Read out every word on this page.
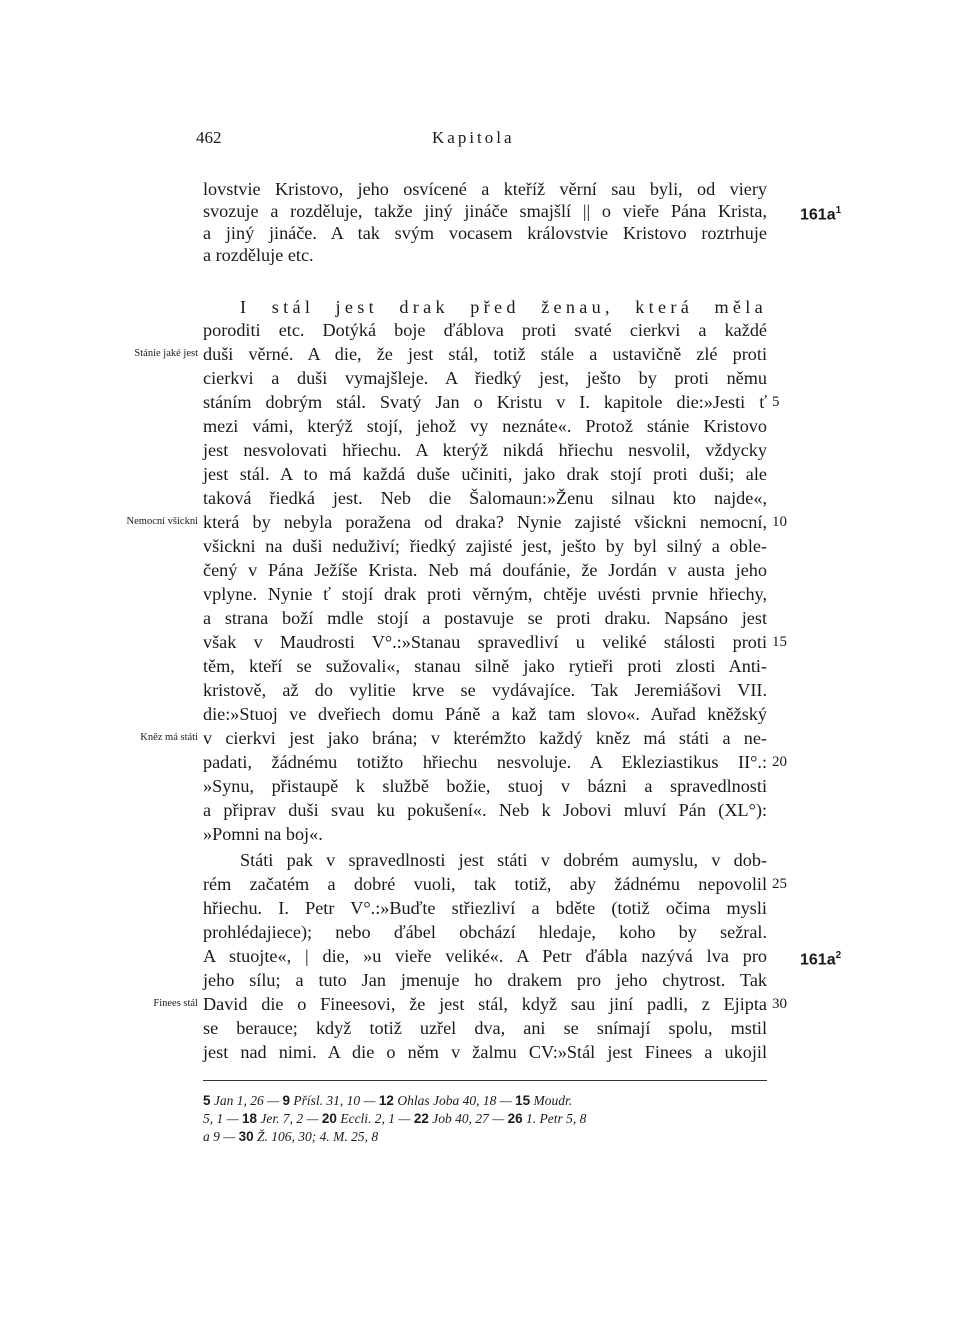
462	Kapitola
lovstvie Kristovo, jeho osvícené a kteříž věrní sau byli, od viery
svozuje a rozděluje, takže jiný jináče smajšlí || o vieře Pána Krista,
a jiný jináče. A tak svým vocasem královstvie Kristovo roztrhuje
a rozděluje etc.
I stál jest drak před ženau, která měla
poroditi etc. Dotýká boje ďáblova proti svaté cierkvi a každé
duši věrné. A die, že jest stál, totiž stále a ustavičně zlé proti
cierkvi a duši vymajšleje. A řiedký jest, ješto by proti němu
stáním dobrým stál. Svatý Jan o Kristu v I. kapitole die:»Jesti ť
mezi vámi, kterýž stojí, jehož vy neznáte«. Protož stánie Kristovo
jest nesvolovati hřiechu. A kterýž nikdá hřiechu nesvolil, vždycky
jest stál. A to má každá duše učiniti, jako drak stojí proti duši; ale
taková řiedká jest. Neb die Šalomaun:»Ženu silnau kto najde«,
která by nebyla poražena od draka? Nynie zajisté všickni nemocní,
všickni na duši neduživí; řiedký zajisté jest, ješto by byl silný a oble-
čený v Pána Ježíše Krista. Neb má doufánie, že Jordán v austa jeho
vplyne. Nynie ť stojí drak proti věrným, chtěje uvésti prvnie hřiechy,
a strana boží mdle stojí a postavuje se proti draku. Napsáno jest
však v Maudrosti V°.:»Stanau spravedliví u veliké stálosti proti
těm, kteří se sužovali«, stanau silně jako rytieři proti zlosti Anti-
kristově, až do vylitie krve se vydávajíce. Tak Jeremiášovi VII.
die:»Stuoj ve dveřiech domu Páně a kaž tam slovo«. Auřad kněžský
v cierkvi jest jako brána; v kterémžto každý kněz má státi a ne-
padati, žádnému totižto hřiechu nesvoluje. A Ekleziastikus II°.:
»Synu, přistaupě k službě božie, stuoj v bázni a spravedlnosti
a připrav duši svau ku pokušení«. Neb k Jobovi mluví Pán (XL°):
»Pomni na boj«.
Státi pak v spravedlnosti jest státi v dobrém aumyslu, v dob-
rém začatém a dobré vuoli, tak totiž, aby žádnému nepovolil
hřiechu. I. Petr V°.:»Buďte střiezliví a bděte (totiž očima mysli
prohlédajiece); nebo ďábel obchází hledaje, koho by sežral.
A stuojte«, | die, »u vieře veliké«. A Petr ďábla nazývá lva pro
jeho sílu; a tuto Jan jmenuje ho drakem pro jeho chytrost. Tak
David die o Fineesovi, že jest stál, když sau jiní padli, z Ejipta
se berauce; když totiž uzřel dva, ani se snímají spolu, mstil
jest nad nimi. A die o něm v žalmu CV:»Stál jest Finees a ukojil
5
10
15
20
25
30
$161a^1$
$161a^2$
Stánie jaké jest
Nemocní všickni
Kněz má státi
Finees stál
5 Jan 1, 26 — 9 Přísl. 31, 10 — 12 Ohlas Joba 40, 18 — 15 Moudr.
5, 1 — 18 Jer. 7, 2 — 20 Eccli. 2, 1 — 22 Job 40, 27 — 26 1. Petr 5, 8
a 9 — 30 Ž. 106, 30; 4. M. 25, 8
